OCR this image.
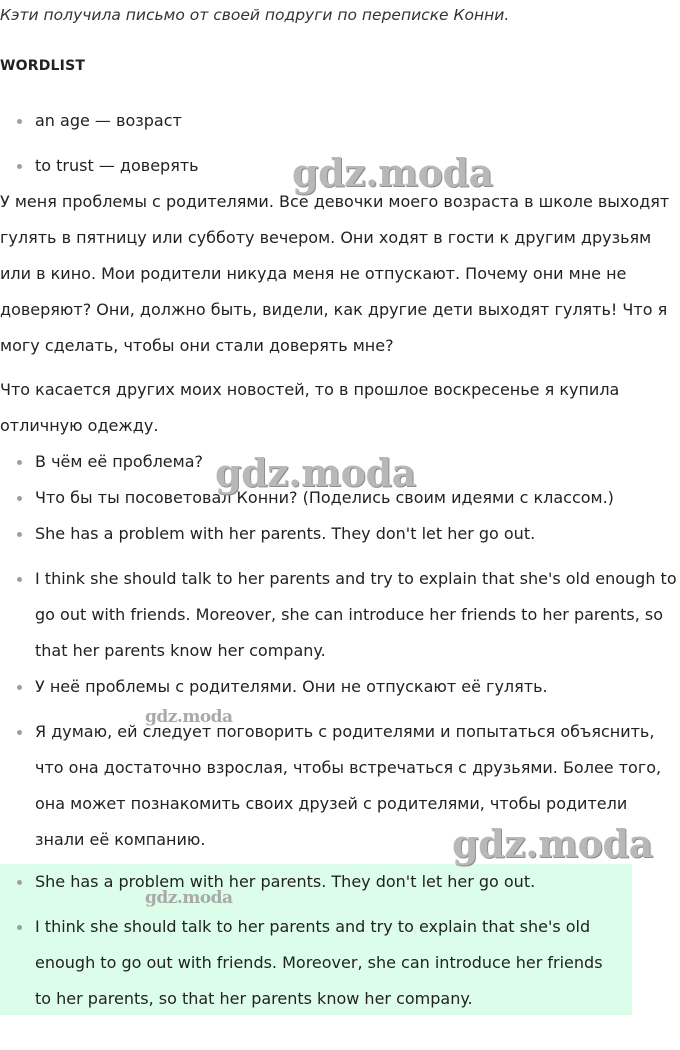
Кэти получила письмо от своей подруги по переписке Конни.
WORDLIST
an age — возраст
to trust — доверять

У меня проблемы с родителями. Все девочки моего возраста в школе выходят гулять в пятницу или субботу вечером. Они ходят в гости к другим друзьям или в кино. Мои родители никуда меня не отпускают. Почему они мне не доверяют? Они, должно быть, видели, как другие дети выходят гулять! Что я могу сделать, чтобы они стали доверять мне?

Что касается других моих новостей, то в прошлое воскресенье я купила отличную одежду.

В чём её проблема?
Что бы ты посоветовал Конни? (Поделись своим идеями с классом.)
She has a problem with her parents. They don't let her go out.
I think she should talk to her parents and try to explain that she's old enough to go out with friends. Moreover, she can introduce her friends to her parents, so that her parents know her company.
У неё проблемы с родителями. Они не отпускают её гулять.
Я думаю, ей следует поговорить с родителями и попытаться объяснить, что она достаточно взрослая, чтобы встречаться с друзьями. Более того, она может познакомить своих друзей с родителями, чтобы родители знали её компанию.
She has a problem with her parents. They don't let her go out.
I think she should talk to her parents and try to explain that she's old enough to go out with friends. Moreover, she can introduce her friends to her parents, so that her parents know her company.
gdz.moda
gdz.moda
gdz.moda
gdz.moda
gdz.moda
